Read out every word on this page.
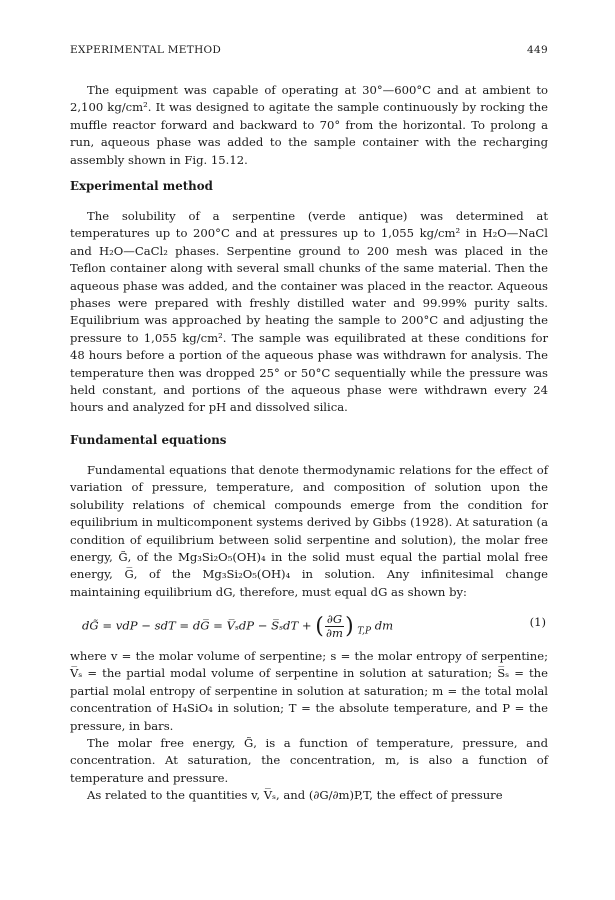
EXPERIMENTAL METHOD	449

The equipment was capable of operating at 30°—600°C and at ambient to 2,100 kg/cm². It was designed to agitate the sample continuously by rocking the muffle reactor forward and backward to 70° from the horizontal. To prolong a run, aqueous phase was added to the sample container with the recharging assembly shown in Fig. 15.12.

Experimental method

The solubility of a serpentine (verde antique) was determined at temperatures up to 200°C and at pressures up to 1,055 kg/cm² in H₂O—NaCl and H₂O—CaCl₂ phases. Serpentine ground to 200 mesh was placed in the Teflon container along with several small chunks of the same material. Then the aqueous phase was added, and the container was placed in the reactor. Aqueous phases were prepared with freshly distilled water and 99.99% purity salts. Equilibrium was approached by heating the sample to 200°C and adjusting the pressure to 1,055 kg/cm². The sample was equilibrated at these conditions for 48 hours before a portion of the aqueous phase was withdrawn for analysis. The temperature then was dropped 25° or 50°C sequentially while the pressure was held constant, and portions of the aqueous phase were withdrawn every 24 hours and analyzed for pH and dissolved silica.

Fundamental equations

Fundamental equations that denote thermodynamic relations for the effect of variation of pressure, temperature, and composition of solution upon the solubility relations of chemical compounds emerge from the condition for equilibrium in multicomponent systems derived by Gibbs (1928). At saturation (a condition of equilibrium between solid serpentine and solution), the molar free energy, G̃, of the Mg₃Si₂O₅(OH)₄ in the solid must equal the partial molal free energy, G̅, of the Mg₃Si₂O₅(OH)₄ in solution. Any infinitesimal change maintaining equilibrium dG, therefore, must equal dG as shown by:

dG̃ = vdP − sdT = dG̅ = V̅ₛdP − S̅ₛdT + ( $\frac{\partial G}{\partial m}$ ) $_{T,P}$ dm	(1)

where v = the molar volume of serpentine; s = the molar entropy of serpentine; V̅ₛ = the partial modal volume of serpentine in solution at saturation; S̅ₛ = the partial molal entropy of serpentine in solution at saturation; m = the total molal concentration of H₄SiO₄ in solution; T = the absolute temperature, and P = the pressure, in bars.

The molar free energy, G̃, is a function of temperature, pressure, and concentration. At saturation, the concentration, m, is also a function of temperature and pressure.

As related to the quantities v, V̅ₛ, and (∂G/∂m)P,T, the effect of pressure
